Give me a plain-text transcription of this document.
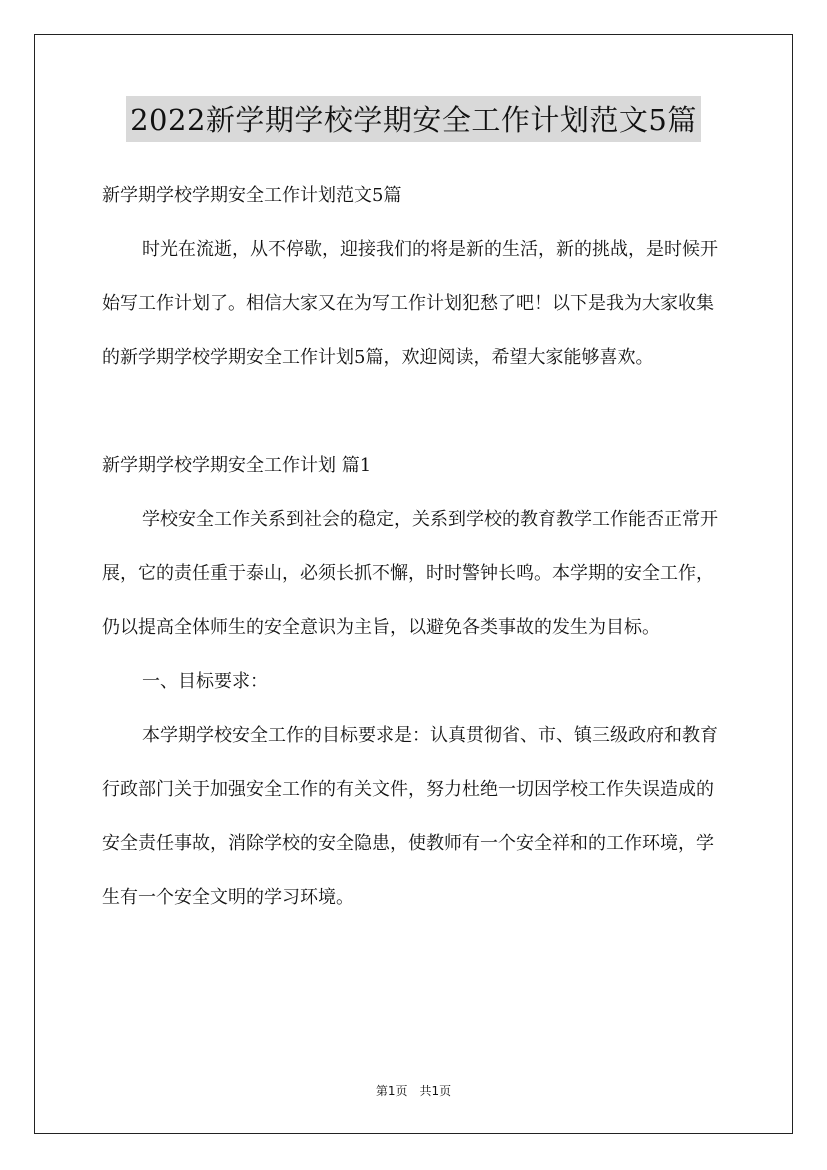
2022新学期学校学期安全工作计划范文5篇

新学期学校学期安全工作计划范文5篇

时光在流逝，从不停歇，迎接我们的将是新的生活，新的挑战，是时候开始写工作计划了。相信大家又在为写工作计划犯愁了吧！以下是我为大家收集的新学期学校学期安全工作计划5篇，欢迎阅读，希望大家能够喜欢。

新学期学校学期安全工作计划 篇1

学校安全工作关系到社会的稳定，关系到学校的教育教学工作能否正常开展，它的责任重于泰山，必须长抓不懈，时时警钟长鸣。本学期的安全工作，仍以提高全体师生的安全意识为主旨，以避免各类事故的发生为目标。

一、目标要求：

本学期学校安全工作的目标要求是：认真贯彻省、市、镇三级政府和教育行政部门关于加强安全工作的有关文件，努力杜绝一切因学校工作失误造成的安全责任事故，消除学校的安全隐患，使教师有一个安全祥和的工作环境，学生有一个安全文明的学习环境。

第1页　共1页
